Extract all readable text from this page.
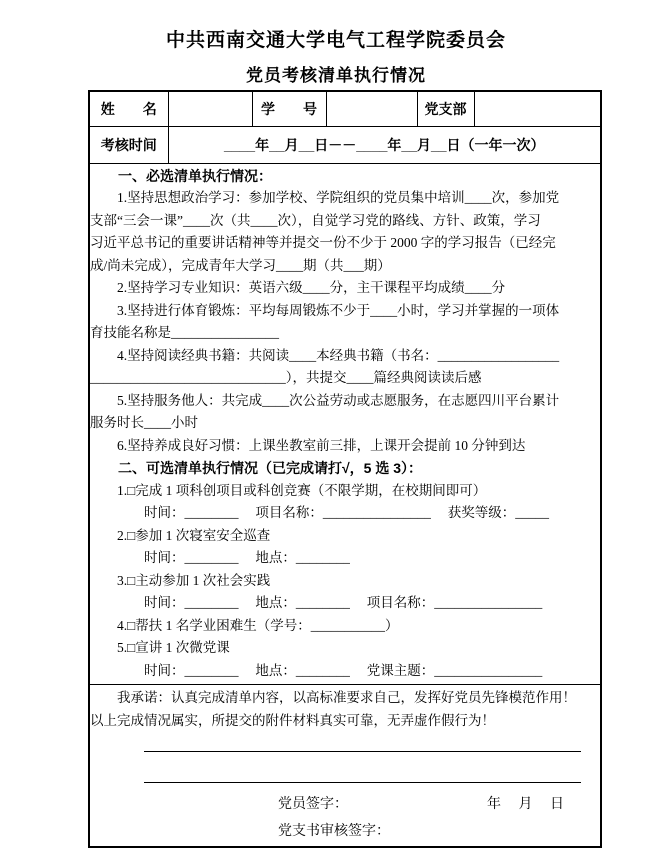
中共西南交通大学电气工程学院委员会
党员考核清单执行情况
姓　　名		学　　号		党支部	
考核时间	____年__月__日－－____年__月__日（一年一次）				

　　一、必选清单执行情况：
　　1.坚持思想政治学习：参加学校、学院组织的党员集中培训____次，参加党
支部“三会一课”____次（共____次），自觉学习党的路线、方针、政策，学习
习近平总书记的重要讲话精神等并提交一份不少于 2000 字的学习报告（已经完
成/尚未完成），完成青年大学习____期（共___期）
　　2.坚持学习专业知识：英语六级____分，主干课程平均成绩____分
　　3.坚持进行体育锻炼：平均每周锻炼不少于____小时，学习并掌握的一项体
育技能名称是________________
　　4.坚持阅读经典书籍：共阅读____本经典书籍（书名：__________________
_____________________________），共提交____篇经典阅读读后感
　　5.坚持服务他人：共完成____次公益劳动或志愿服务，在志愿四川平台累计
服务时长____小时
　　6.坚持养成良好习惯：上课坐教室前三排，上课开会提前 10 分钟到达
　　二、可选清单执行情况（已完成请打√，5 选 3）：
　　1.□完成 1 项科创项目或科创竞赛（不限学期，在校期间即可）
　　　　时间：________　 项目名称：________________　 获奖等级：_____
　　2.□参加 1 次寝室安全巡查
　　　　时间：________　 地点：________
　　3.□主动参加 1 次社会实践
　　　　时间：________　 地点：________　 项目名称：________________
　　4.□帮扶 1 名学业困难生（学号：___________）
　　5.□宣讲 1 次微党课
　　　　时间：________　 地点：________　 党课主题：________________

　　我承诺：认真完成清单内容，以高标准要求自己，发挥好党员先锋模范作用！
以上完成情况属实，所提交的附件材料真实可靠，无弄虚作假行为！
党员签字： 年　 月　 日
党支书审核签字：					
